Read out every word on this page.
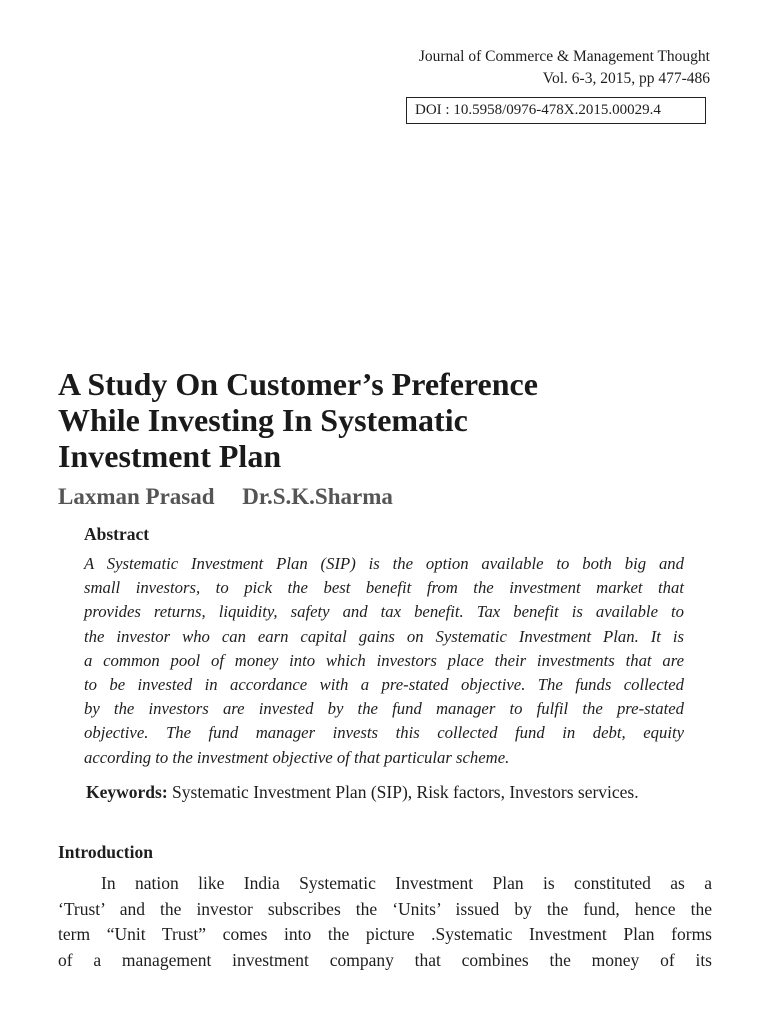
Journal of Commerce & Management Thought
Vol. 6-3, 2015, pp 477-486
DOI : 10.5958/0976-478X.2015.00029.4
A Study On Customer’s Preference
While Investing In Systematic
Investment Plan
Laxman Prasad Dr.S.K.Sharma
Abstract
A Systematic Investment Plan (SIP) is the option available to both big and
small investors, to pick the best benefit from the investment market that
provides returns, liquidity, safety and tax benefit. Tax benefit is available to
the investor who can earn capital gains on Systematic Investment Plan. It is
a common pool of money into which investors place their investments that are
to be invested in accordance with a pre-stated objective. The funds collected
by the investors are invested by the fund manager to fulfil the pre-stated
objective. The fund manager invests this collected fund in debt, equity
according to the investment objective of that particular scheme.
Keywords: Systematic Investment Plan (SIP), Risk factors, Investors services.
Introduction
In nation like India Systematic Investment Plan is constituted as a
‘Trust’ and the investor subscribes the ‘Units’ issued by the fund, hence the
term “Unit Trust” comes into the picture .Systematic Investment Plan forms
of a management investment company that combines the money of its
